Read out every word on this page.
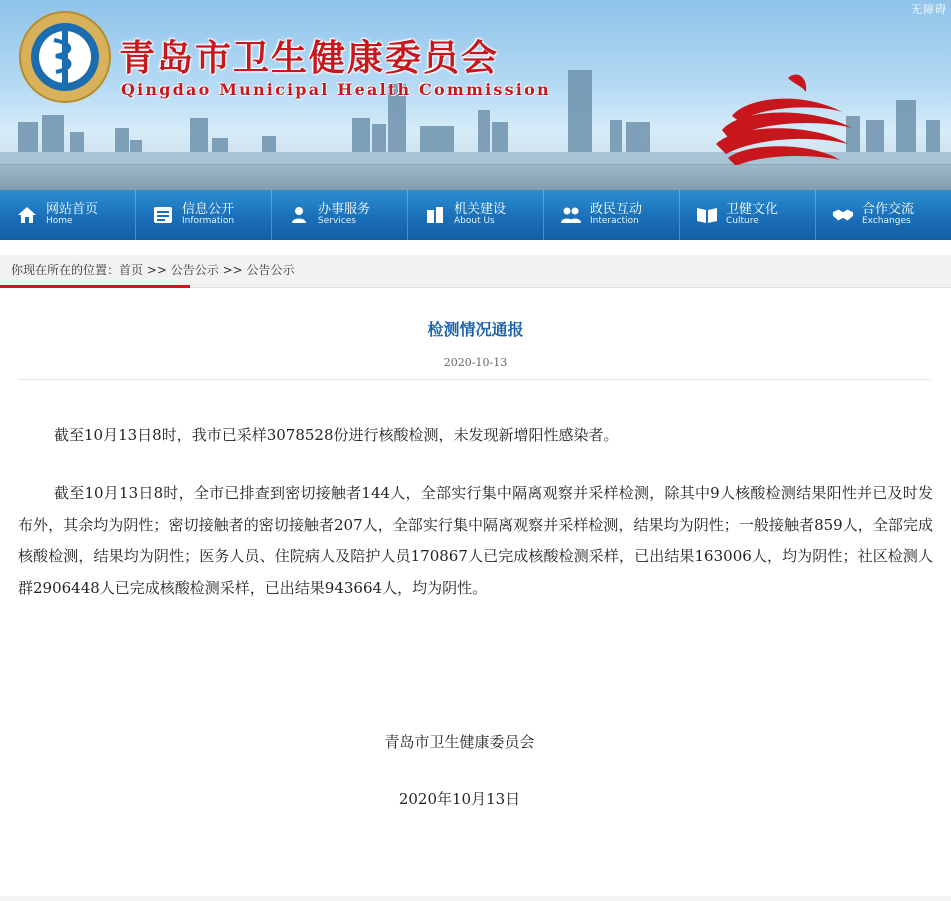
无障碍
青岛市卫生健康委员会
Qingdao Municipal Health Commission
网站首页
Home
信息公开
Information
办事服务
Services
机关建设
About Us
政民互动
Interaction
卫健文化
Culture
合作交流
Exchanges
你现在所在的位置：首页 >> 公告公示 >> 公告公示
检测情况通报
2020-10-13
截至10月13日8时，我市已采样3078528份进行核酸检测，未发现新增阳性感染者。
截至10月13日8时，全市已排查到密切接触者144人，全部实行集中隔离观察并采样检测，除其中9人核酸检测结果阳性并已及时发布外，其余均为阴性；密切接触者的密切接触者207人，全部实行集中隔离观察并采样检测，结果均为阴性；一般接触者859人，全部完成核酸检测，结果均为阴性；医务人员、住院病人及陪护人员170867人已完成核酸检测采样，已出结果163006人，均为阴性；社区检测人群2906448人已完成核酸检测采样，已出结果943664人，均为阴性。
青岛市卫生健康委员会
2020年10月13日
